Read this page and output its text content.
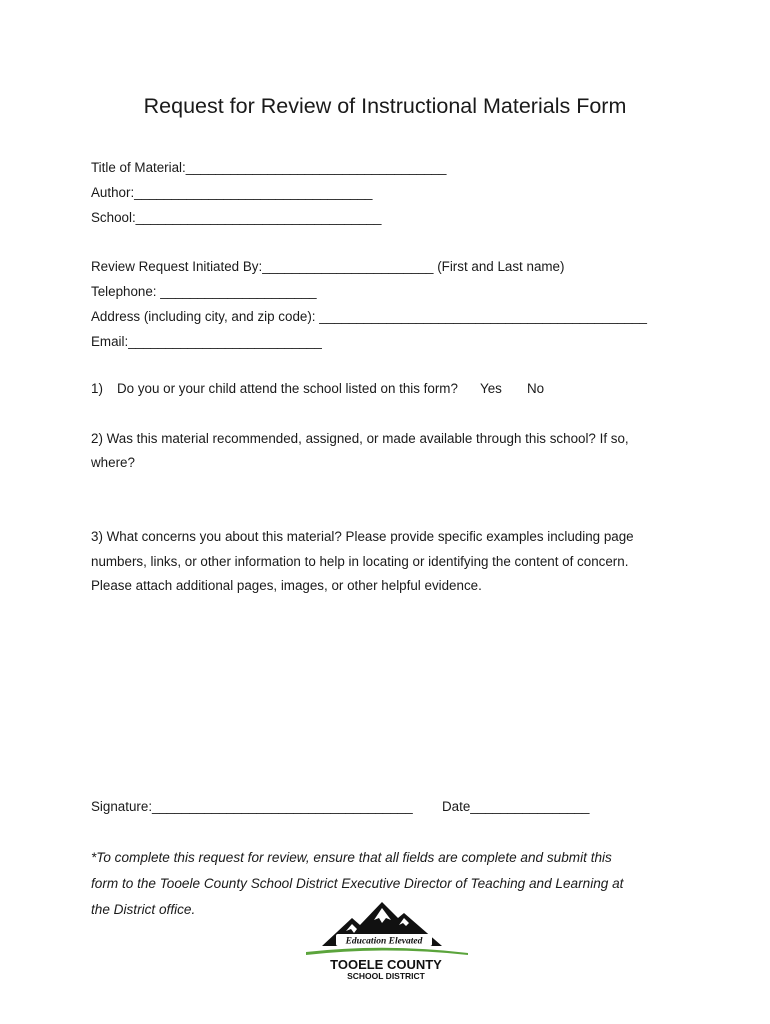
Request for Review of Instructional Materials Form
Title of Material:___________________________________
Author:________________________________
School:_________________________________
Review Request Initiated By:_______________________ (First and Last name)
Telephone: _____________________
Address (including city, and zip code): ____________________________________________
Email:__________________________
1) Do you or your child attend the school listed on this form? Yes No
2) Was this material recommended, assigned, or made available through this school? If so,
where?
3) What concerns you about this material? Please provide specific examples including page
numbers, links, or other information to help in locating or identifying the content of concern.
Please attach additional pages, images, or other helpful evidence.
Signature:___________________________________ Date________________
*To complete this request for review, ensure that all fields are complete and submit this
form to the Tooele County School District Executive Director of Teaching and Learning at
the District office.
Education Elevated
TOOELE COUNTY
SCHOOL DISTRICT
